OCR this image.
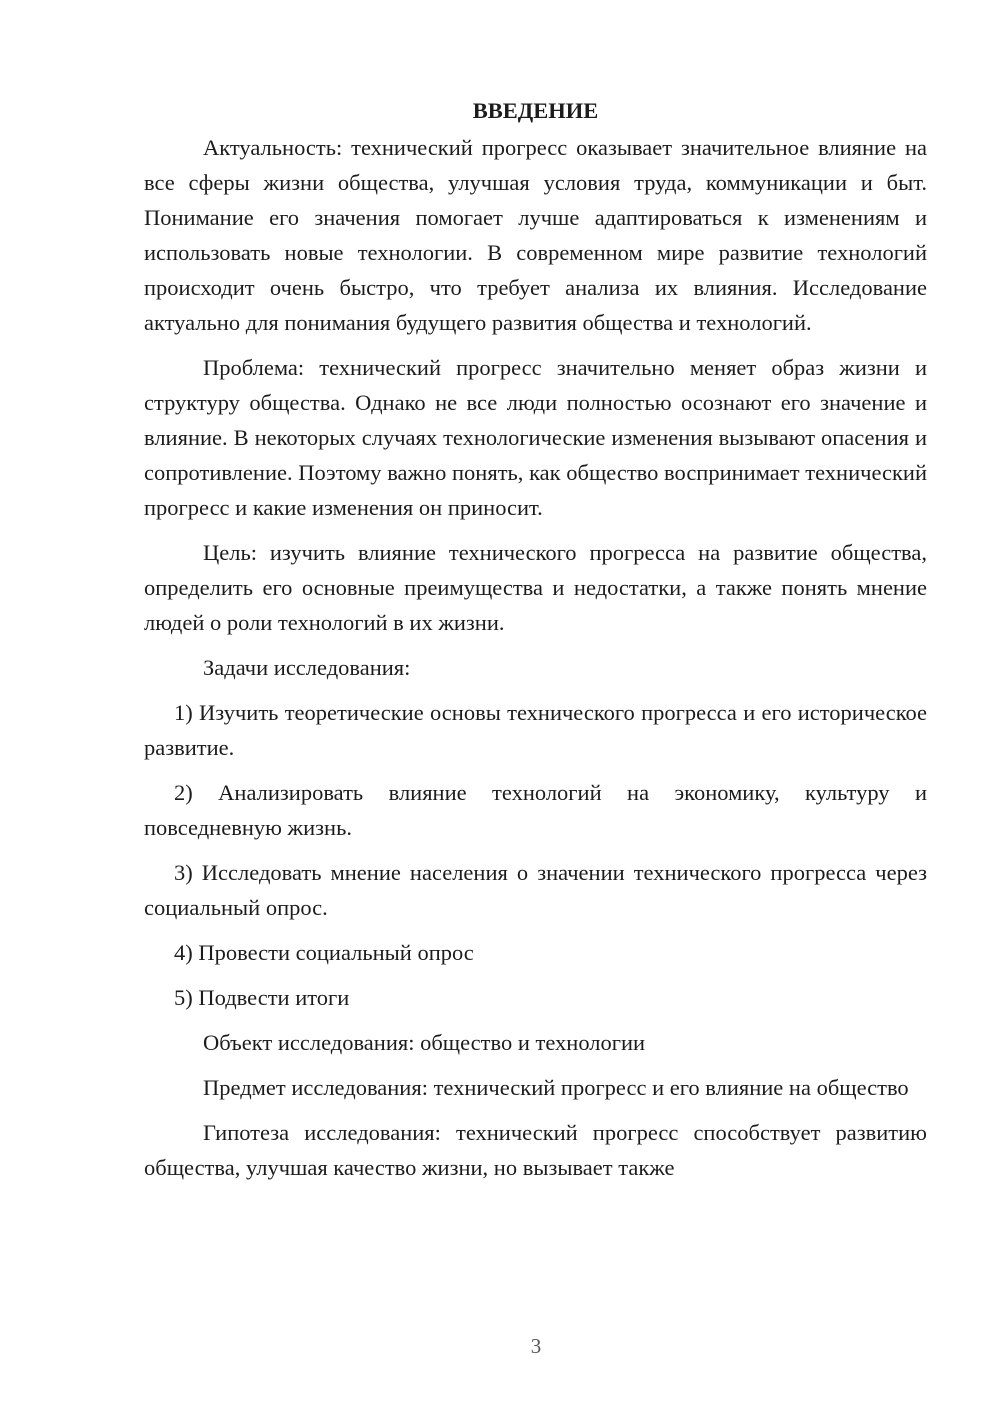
ВВЕДЕНИЕ

Актуальность: технический прогресс оказывает значительное влияние на все сферы жизни общества, улучшая условия труда, коммуникации и быт. Понимание его значения помогает лучше адаптироваться к изменениям и использовать новые технологии. В современном мире развитие технологий происходит очень быстро, что требует анализа их влияния. Исследование актуально для понимания будущего развития общества и технологий.

Проблема: технический прогресс значительно меняет образ жизни и структуру общества. Однако не все люди полностью осознают его значение и влияние. В некоторых случаях технологические изменения вызывают опасения и сопротивление. Поэтому важно понять, как общество воспринимает технический прогресс и какие изменения он приносит.

Цель: изучить влияние технического прогресса на развитие общества, определить его основные преимущества и недостатки, а также понять мнение людей о роли технологий в их жизни.

Задачи исследования:

1) Изучить теоретические основы технического прогресса и его историческое развитие.

2) Анализировать влияние технологий на экономику, культуру и повседневную жизнь.

3) Исследовать мнение населения о значении технического прогресса через социальный опрос.

4) Провести социальный опрос

5) Подвести итоги

Объект исследования: общество и технологии

Предмет исследования: технический прогресс и его влияние на общество

Гипотеза исследования: технический прогресс способствует развитию общества, улучшая качество жизни, но вызывает также

3
